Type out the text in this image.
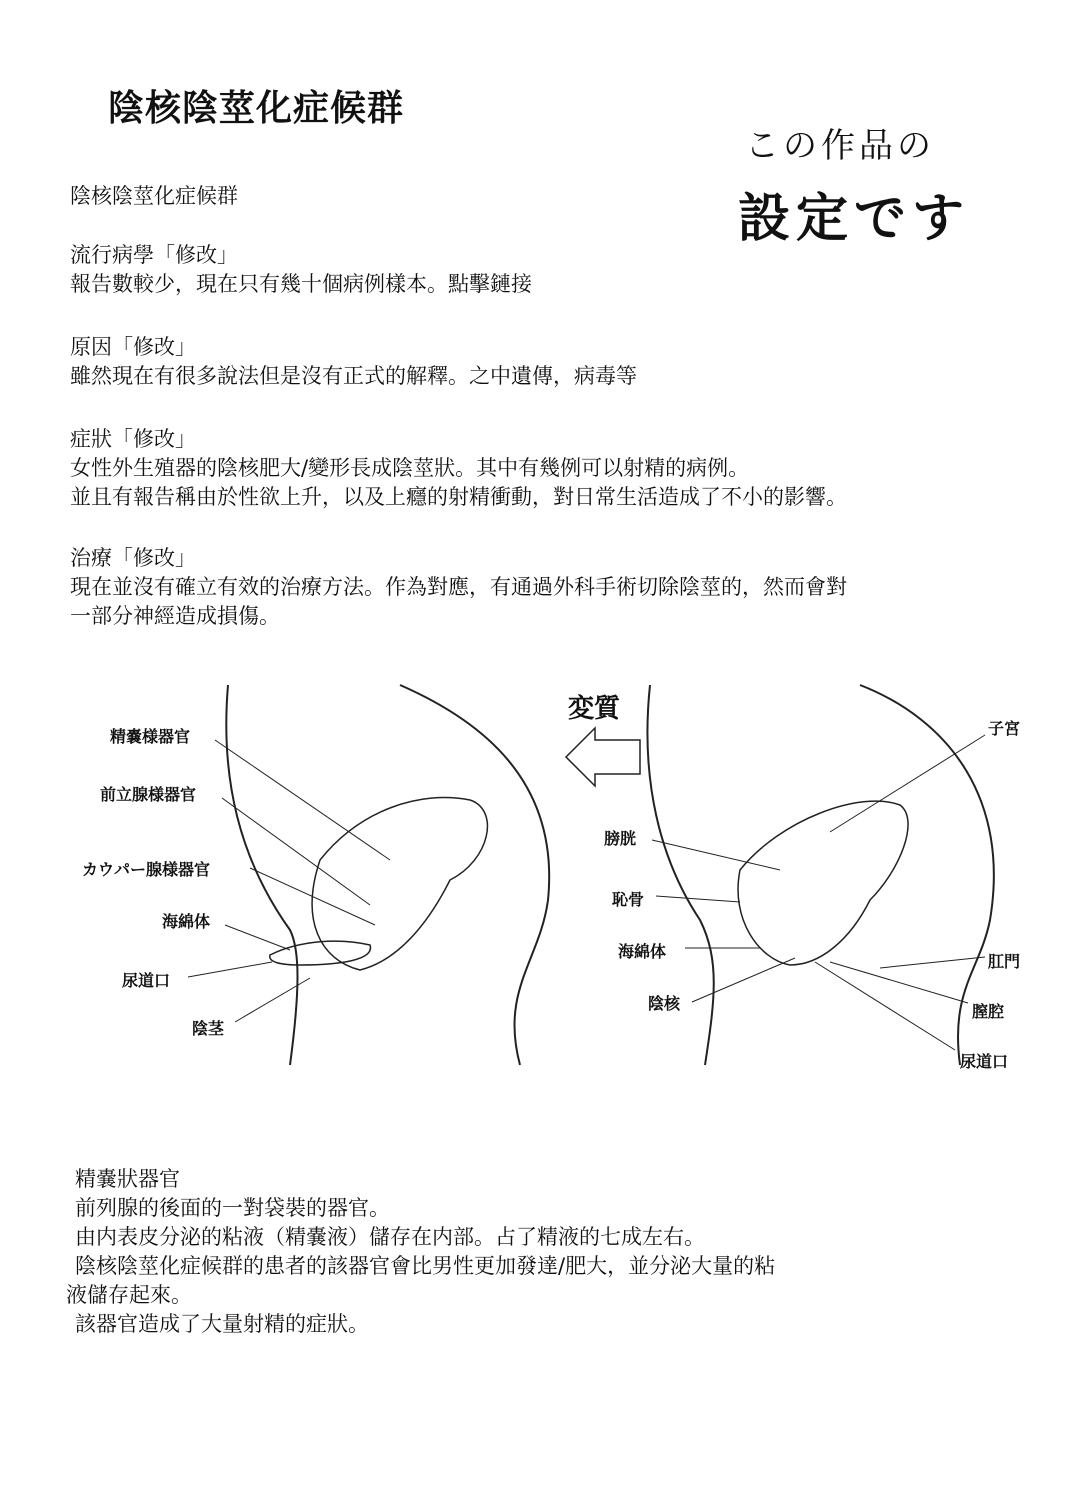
陰核陰莖化症候群
この作品の
設定です
陰核陰莖化症候群
流行病學「修改」
報告數較少，現在只有幾十個病例樣本。點擊鏈接
原因「修改」
雖然現在有很多說法但是沒有正式的解釋。之中遺傳，病毒等
症狀「修改」
女性外生殖器的陰核肥大/變形長成陰莖狀。其中有幾例可以射精的病例。
並且有報告稱由於性欲上升，以及上癮的射精衝動，對日常生活造成了不小的影響。
治療「修改」
現在並沒有確立有效的治療方法。作為對應，有通過外科手術切除陰莖的，然而會對
一部分神經造成損傷。
変質
精嚢様器官
前立腺様器官
カウパー腺様器官
海綿体
尿道口
陰茎
膀胱
恥骨
海綿体
陰核
子宮
肛門
膣腔
尿道口
精嚢狀器官
前列腺的後面的一對袋裝的器官。
由内表皮分泌的粘液（精嚢液）儲存在内部。占了精液的七成左右。
陰核陰莖化症候群的患者的該器官會比男性更加發達/肥大，並分泌大量的粘
液儲存起來。
該器官造成了大量射精的症狀。
